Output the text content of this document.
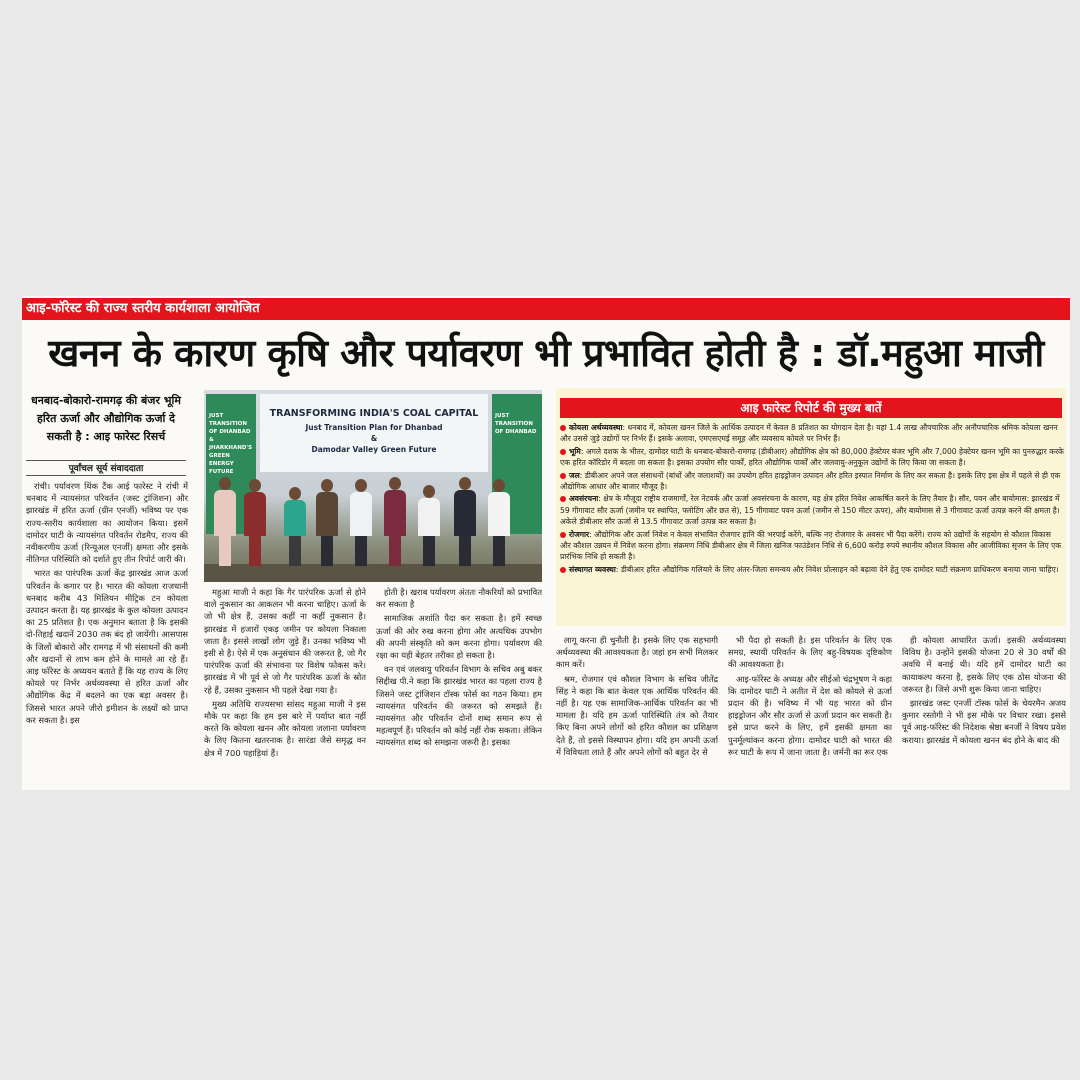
आइ-फॉरेस्ट की राज्य स्तरीय कार्यशाला आयोजित
खनन के कारण कृषि और पर्यावरण भी प्रभावित होती है : डॉ.महुआ माजी
धनबाद-बोकारो-रामगढ़ की बंजर भूमि हरित ऊर्जा और औद्योगिक ऊर्जा दे सकती है : आइ फारेस्ट रिसर्च
पूर्वांचल सूर्य संवाददाता

रांची। पर्यावरण थिंक टैंक आई फारेस्ट ने रांची में धनबाद में न्यायसंगत परिवर्तन (जस्ट ट्रांजिशन) और झारखंड में हरित ऊर्जा (ग्रीन एनर्जी) भविष्य पर एक राज्य-स्तरीय कार्यशाला का आयोजन किया। इसमें दामोदर घाटी के न्यायसंगत परिवर्तन रोडमैप, राज्य की नवीकरणीय ऊर्जा (रिन्यूअल एनर्जी) क्षमता और इसके नीतिगत परिस्थिति को दर्शाते हुए तीन रिपोर्ट जारी की।

भारत का पारंपरिक ऊर्जा केंद्र झारखंड आज ऊर्जा परिवर्तन के कगार पर है। भारत की कोयला राजधानी धनबाद करीब 43 मिलियन मीट्रिक टन कोयला उत्पादन करता है। यह झारखंड के कुल कोयला उत्पादन का 25 प्रतिशत है। एक अनुमान बताता है कि इसकी दो-तिहाई खदानें 2030 तक बंद हो जायेंगी। आसपास के जिलों बोकारो और रामगढ़ में भी संसाधनों की कमी और खदानों से लाभ कम होने के मामले आ रहे हैं। आइ फॉरेस्ट के अध्ययन बताते हैं कि यह राज्य के लिए कोयले पर निर्भर अर्थव्यवस्था से हरित ऊर्जा और औद्योगिक केंद्र में बदलने का एक बड़ा अवसर है। जिससे भारत अपने जीरो इमीशन के लक्ष्यों को प्राप्त कर सकता है। इस

JUST TRANSITION OF DHANBAD & JHARKHAND'S GREEN ENERGY FUTURE
JUST TRANSITION OF DHANBAD
TRANSFORMING INDIA'S COAL CAPITAL
Just Transition Plan for Dhanbad
&
Damodar Valley Green Future

महुआ माजी ने कहा कि गैर पारंपरिक ऊर्जा से होने वाले नुकसान का आकलन भी करना चाहिए। ऊर्जा के जो भी क्षेत्र हैं, उसका कहीं ना कहीं नुकसान है। झारखंड में हजारों एकड़ जमीन पर कोयला निकाला जाता है। इससे लाखों लोग जुड़े हैं। उनका भविष्य भी इसी से है। ऐसे में एक अनुसंधान की जरूरत है, जो गैर पारंपरिक ऊर्जा की संभावना पर विशेष फोकस करे। झारखंड में भी पूर्व से जो गैर पारंपरिक ऊर्जा के स्रोत रहे हैं, उसका नुकसान भी पहले देखा गया है।

मुख्य अतिथि राज्यसभा सांसद महुआ माजी ने इस मौके पर कहा कि हम इस बारे में पर्याप्त बात नहीं करते कि कोयला खनन और कोयला जलाना पर्यावरण के लिए कितना खतरनाक है। सारंडा जैसे समृद्ध वन क्षेत्र में 700 पहाड़ियां हैं।

होती है। खराब पर्यावरण अंततः नौकरियों को प्रभावित कर सकता है

सामाजिक अशांति पैदा कर सकता है। हमें स्वच्छ ऊर्जा की ओर रुख करना होगा और अत्यधिक उपभोग की अपनी संस्कृति को कम करना होगा। पर्यावरण की रक्षा का यही बेहतर तरीका हो सकता है।

वन एवं जलवायु परिवर्तन विभाग के सचिव अबु बकर सिद्दीख पी.ने कहा कि झारखंड भारत का पहला राज्य है जिसने जस्ट ट्रांजिशन टॉस्क फोर्स का गठन किया। हम न्यायसंगत परिवर्तन की जरूरत को समझते हैं। न्यायसंगत और परिवर्तन दोनों शब्द समान रूप से महत्वपूर्ण हैं। परिवर्तन को कोई नहीं रोक सकता। लेकिन न्यायसंगत शब्द को समझना जरूरी है। इसका

आइ फारेस्ट रिपोर्ट की मुख्य बातें
कोयला अर्थव्यवस्था: धनबाद में, कोयला खनन जिले के आर्थिक उत्पादन में केवल 8 प्रतिशत का योगदान देता है। यहां 1.4 लाख औपचारिक और अनौपचारिक श्रमिक कोयला खनन और उससे जुड़े उद्योगों पर निर्भर हैं। इसके अलावा, एमएसएमई समूह और व्यवसाय कोयले पर निर्भर हैं।
भूमि: अगले दशक के भीतर, दामोदर घाटी के धनबाद-बोकारो-रामगढ़ (डीबीआर) औद्योगिक क्षेत्र को 80,000 हेक्टेयर बंजर भूमि और 7,000 हेक्टेयर खनन भूमि का पुनरुद्धार करके एक हरित कॉरिडोर में बदला जा सकता है। इसका उपयोग सौर पार्कों, हरित औद्योगिक पार्कों और जलवायु-अनुकूल उद्योगों के लिए किया जा सकता है।
जल: डीबीआर अपने जल संसाधनों (बांधों और जलाशयों) का उपयोग हरित हाइड्रोजन उत्पादन और हरित इस्पात निर्माण के लिए कर सकता है। इसके लिए इस क्षेत्र में पहले से ही एक औद्योगिक आधार और बाजार मौजूद है।
अवसंरचना: क्षेत्र के मौजूदा राष्ट्रीय राजमार्गों, रेल नेटवर्क और ऊर्जा अवसंरचना के कारण, यह क्षेत्र हरित निवेश आकर्षित करने के लिए तैयार है। सौर, पवन और बायोमास: झारखंड में 59 गीगावाट सौर ऊर्जा (जमीन पर स्थापित, फ्लोटिंग और छत से), 15 गीगावाट पवन ऊर्जा (जमीन से 150 मीटर ऊपर), और बायोमास से 3 गीगावाट ऊर्जा उत्पन्न करने की क्षमता है। अकेले डीबीआर सौर ऊर्जा से 13.5 गीगावाट ऊर्जा उत्पन्न कर सकता है।
रोजगार: औद्योगिक और ऊर्जा निवेश न केवल संभावित रोजगार हानि की भरपाई करेंगे, बल्कि नए रोजगार के अवसर भी पैदा करेंगे। राज्य को उद्योगों के सहयोग से कौशल विकास और कौशल उन्नयन में निवेश करना होगा। संक्रमण निधि डीबीआर क्षेत्र में जिला खनिज फाउंडेशन निधि से 6,600 करोड़ रुपये स्थानीय कौशल विकास और आजीविका सृजन के लिए एक प्रारंभिक निधि हो सकती है।
संस्थागत व्यवस्था: डीबीआर हरित औद्योगिक गलियारे के लिए अंतर-जिला समन्वय और निवेश प्रोत्साहन को बढ़ावा देने हेतु एक दामोदर घाटी संक्रमण प्राधिकरण बनाया जाना चाहिए।

लागू करना ही चुनौती है। इसके लिए एक सहभागी अर्थव्यवस्था की आवश्यकता है। जहां हम सभी मिलकर काम करें।

श्रम, रोजगार एवं कौशल विभाग के सचिव जीतेंद्र सिंह ने कहा कि बात केवल एक आर्थिक परिवर्तन की नहीं है। यह एक सामाजिक-आर्थिक परिवर्तन का भी मामला है। यदि हम ऊर्जा पारिस्थिति तंत्र को तैयार किए बिना अपने लोगों को हरित कौशल का प्रशिक्षण देते हैं, तो इससे विस्थापन होगा। यदि हम अपनी ऊर्जा में विविधता लाते हैं और अपने लोगों को बहुत देर से

भी पैदा हो सकती है। इस परिवर्तन के लिए एक समग्र, स्थायी परिवर्तन के लिए बहु-विषयक दृष्टिकोण की आवश्यकता है।

आइ-फॉरेस्ट के अध्यक्ष और सीईओ चंद्रभूषण ने कहा कि दामोदर घाटी ने अतीत में देश को कोयले से ऊर्जा प्रदान की है। भविष्य में भी यह भारत को ग्रीन हाइड्रोजन और सौर ऊर्जा से ऊर्जा प्रदान कर सकती है। इसे प्राप्त करने के लिए, हमें इसकी क्षमता का पुनर्मूल्यांकन करना होगा। दामोदर घाटी को भारत की रूर घाटी के रूप में जाना जाता है। जर्मनी का रूर एक

ही कोयला आधारित ऊर्जा। इसकी अर्थव्यवस्था विविध है। उन्होंने इसकी योजना 20 से 30 वर्षों की अवधि में बनाई थी। यदि हमें दामोदर घाटी का कायाकल्प करना है, इसके लिए एक ठोस योजना की जरूरत है। जिसे अभी शुरू किया जाना चाहिए।

झारखंड जस्ट एनर्जी टॉस्क फोर्स के चेयरमैन अजय कुमार रस्तोगी ने भी इस मौके पर विचार रखा। इससे पूर्व आइ-फॉरेस्ट की निदेशक श्रेष्ठा बनर्जी ने विषय प्रवेश कराया। झारखंड में कोयला खनन बंद होने के बाद की
